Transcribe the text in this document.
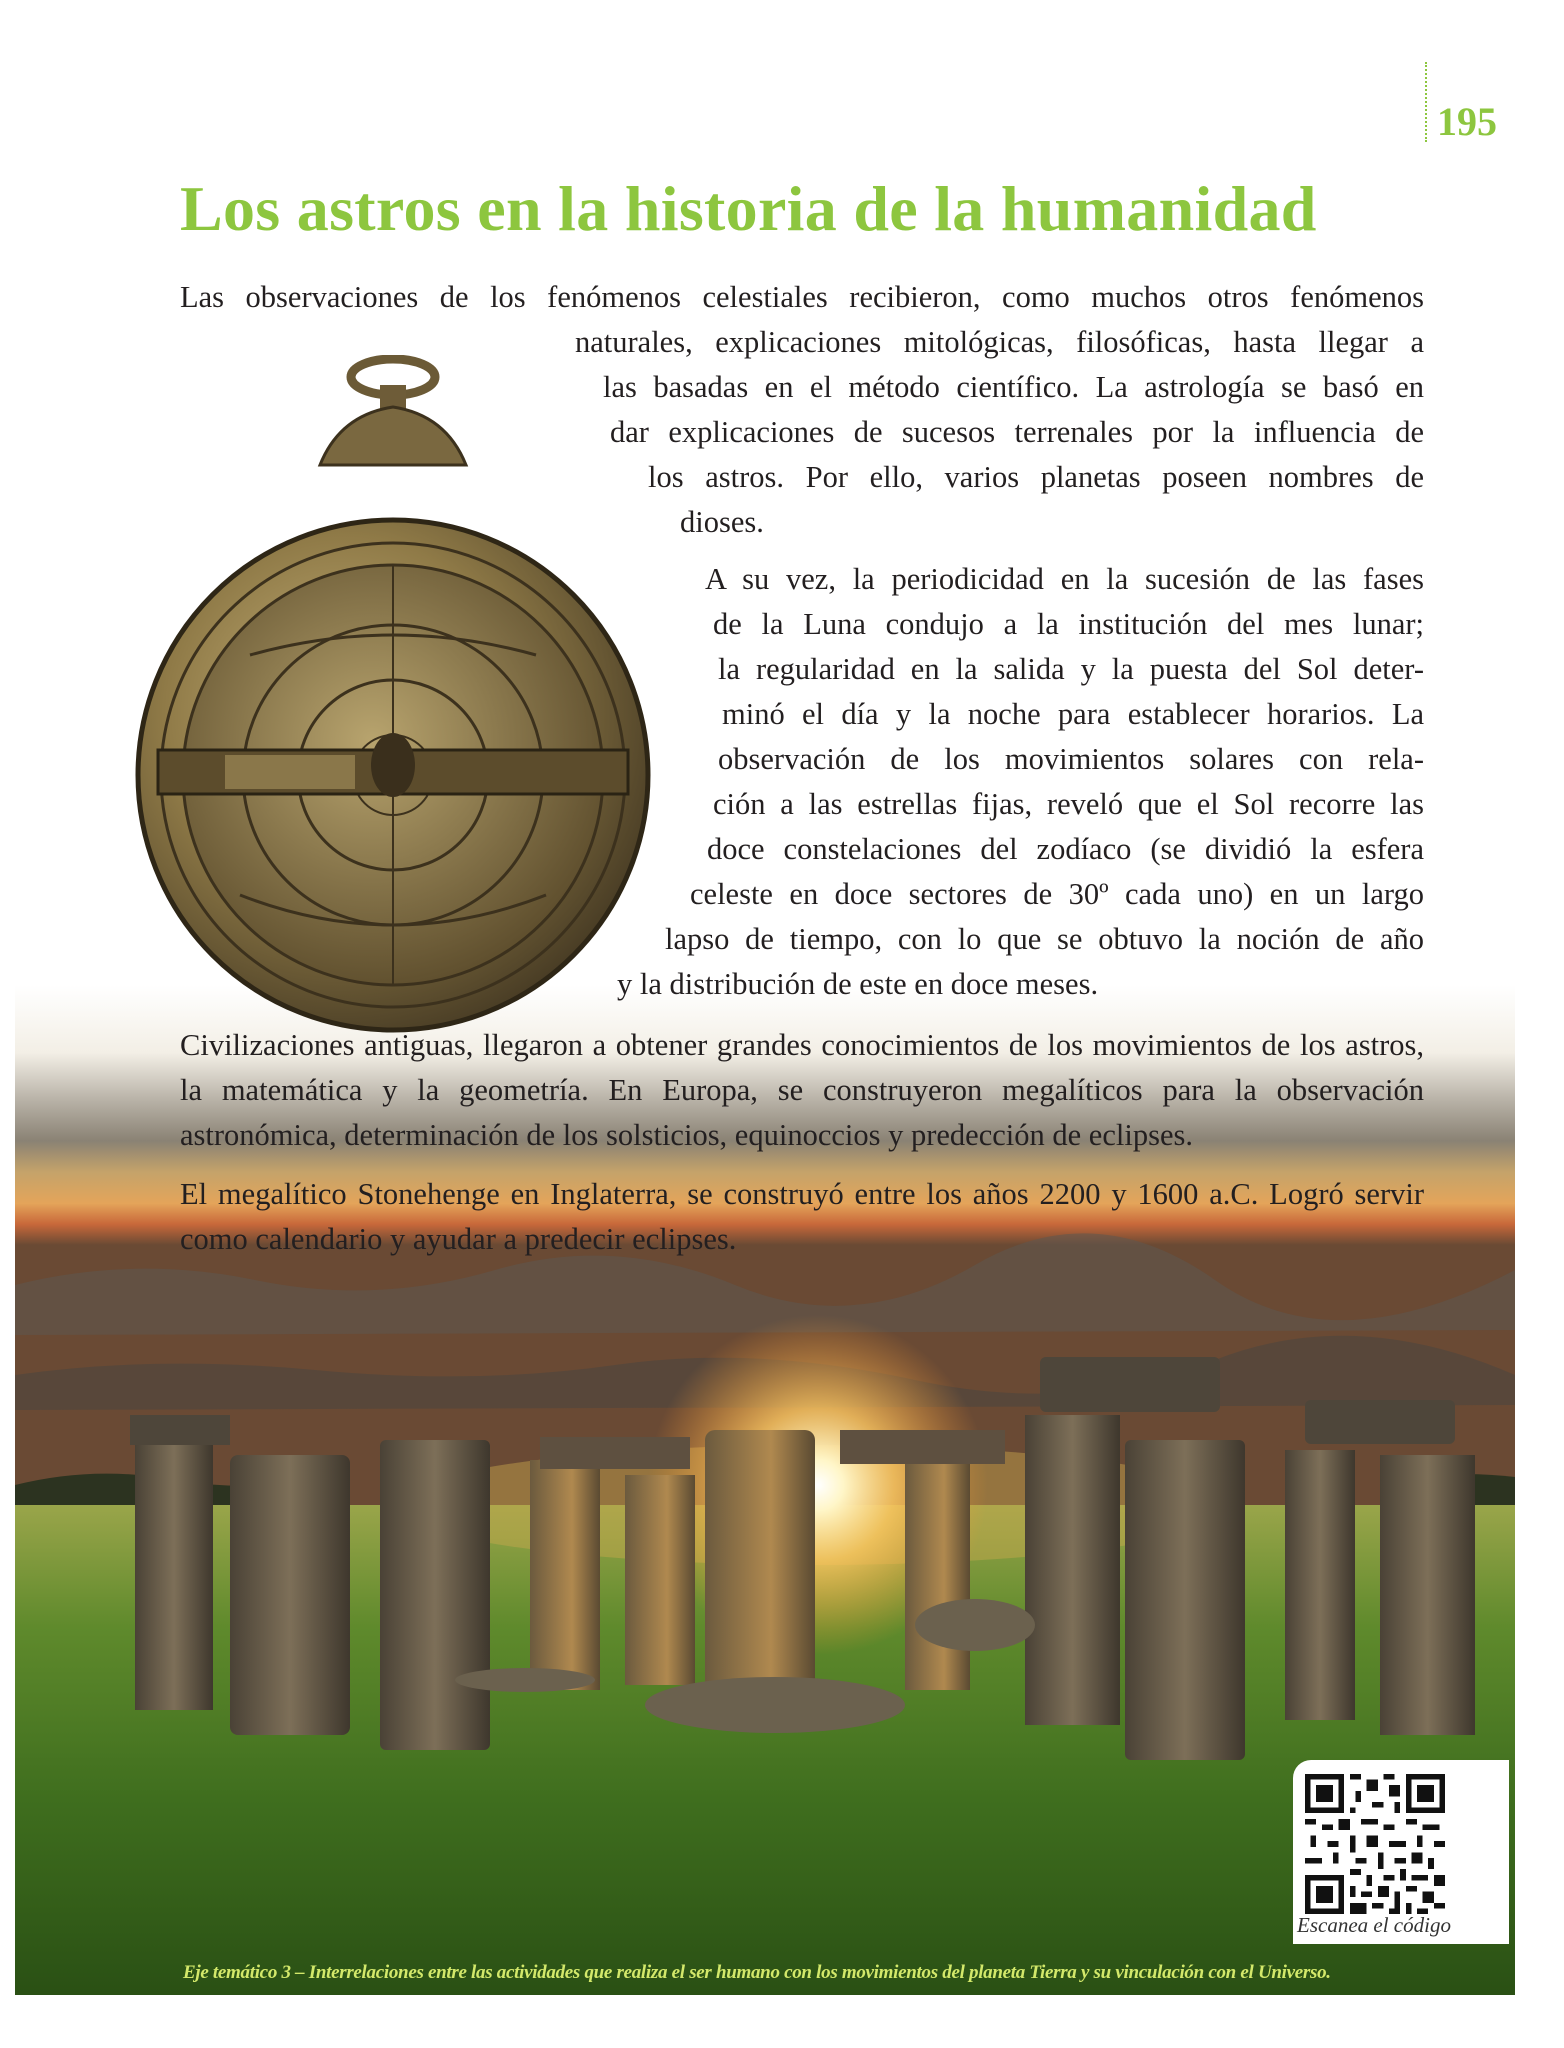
195
Los astros en la historia de la humanidad
Las observaciones de los fenómenos celestiales recibieron, como muchos otros fenómenos
naturales, explicaciones mitológicas, filosóficas, hasta llegar a
las basadas en el método científico. La astrología se basó en
dar explicaciones de sucesos terrenales por la influencia de
los astros. Por ello, varios planetas poseen nombres de
dioses.
A su vez, la periodicidad en la sucesión de las fases
de la Luna condujo a la institución del mes lunar;
la regularidad en la salida y la puesta del Sol deter-
minó el día y la noche para establecer horarios. La
observación de los movimientos solares con rela-
ción a las estrellas fijas, reveló que el Sol recorre las
doce constelaciones del zodíaco (se dividió la esfera
celeste en doce sectores de 30º cada uno) en un largo
lapso de tiempo, con lo que se obtuvo la noción de año
y la distribución de este en doce meses.

Civilizaciones antiguas, llegaron a obtener grandes conocimientos de los movimientos de los astros, la matemática y la geometría. En Europa, se construyeron megalíticos para la observación astronómica, determinación de los solsticios, equinoccios y predección de eclipses.

El megalítico Stonehenge en Inglaterra, se construyó entre los años 2200 y 1600 a.C. Logró servir como calendario y ayudar a predecir eclipses.

Escanea el código
Eje temático 3 – Interrelaciones entre las actividades que realiza el ser humano con los movimientos del planeta Tierra y su vinculación con el Universo.
